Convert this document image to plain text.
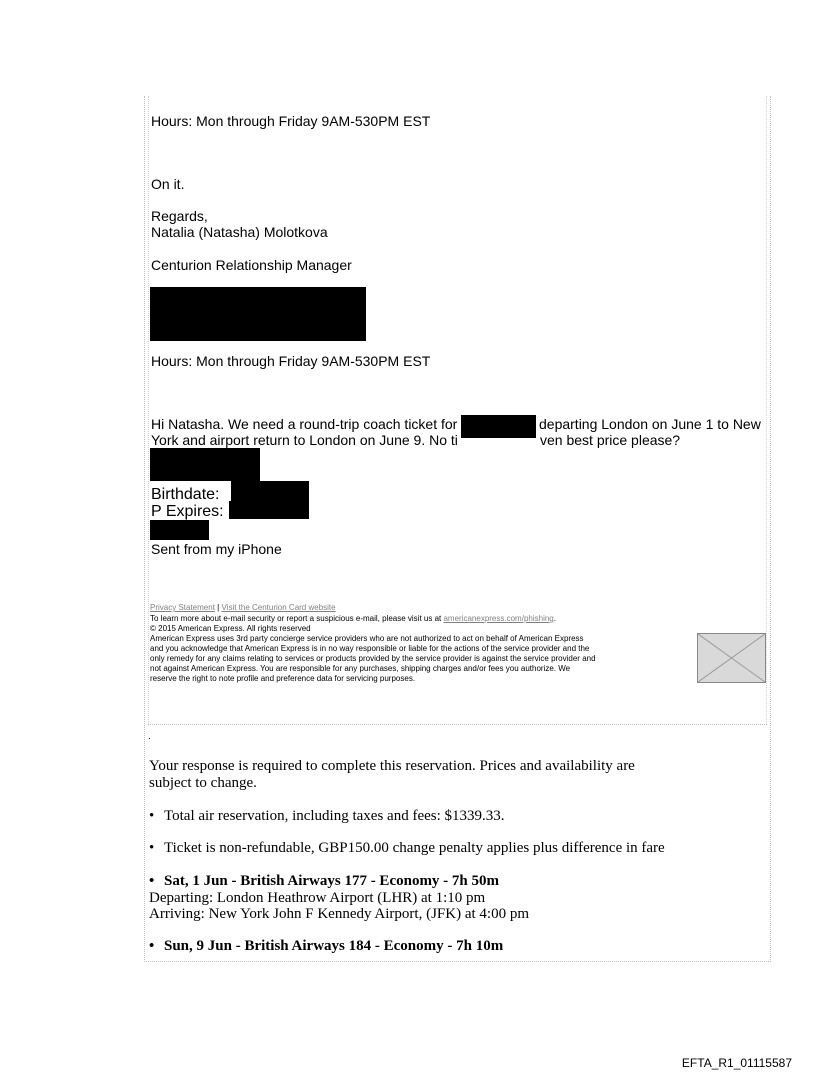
Hours: Mon through Friday 9AM-530PM EST
On it.
Regards,
Natalia (Natasha) Molotkova
Centurion Relationship Manager
Hours: Mon through Friday 9AM-530PM EST
Hi Natasha. We need a round-trip coach ticket for	departing London on June 1 to New
York and airport return to London on June 9. No ti	ven best price please?
Birthdate:
P Expires:
Sent from my iPhone
Privacy Statement | Visit the Centurion Card website
To learn more about e-mail security or report a suspicious e-mail, please visit us at americanexpress.com/phishing.
© 2015 American Express. All rights reserved
American Express uses 3rd party concierge service providers who are not authorized to act on behalf of American Express
and you acknowledge that American Express is in no way responsible or liable for the actions of the service provider and the
only remedy for any claims relating to services or products provided by the service provider is against the service provider and
not against American Express. You are responsible for any purchases, shipping charges and/or fees you authorize. We
reserve the right to note profile and preference data for servicing purposes.
.
Your response is required to complete this reservation. Prices and availability are
subject to change.
• Total air reservation, including taxes and fees: $1339.33.
• Ticket is non-refundable, GBP150.00 change penalty applies plus difference in fare
• Sat, 1 Jun - British Airways 177 - Economy - 7h 50m
Departing: London Heathrow Airport (LHR) at 1:10 pm
Arriving: New York John F Kennedy Airport, (JFK) at 4:00 pm
• Sun, 9 Jun - British Airways 184 - Economy - 7h 10m
EFTA_R1_01115587
